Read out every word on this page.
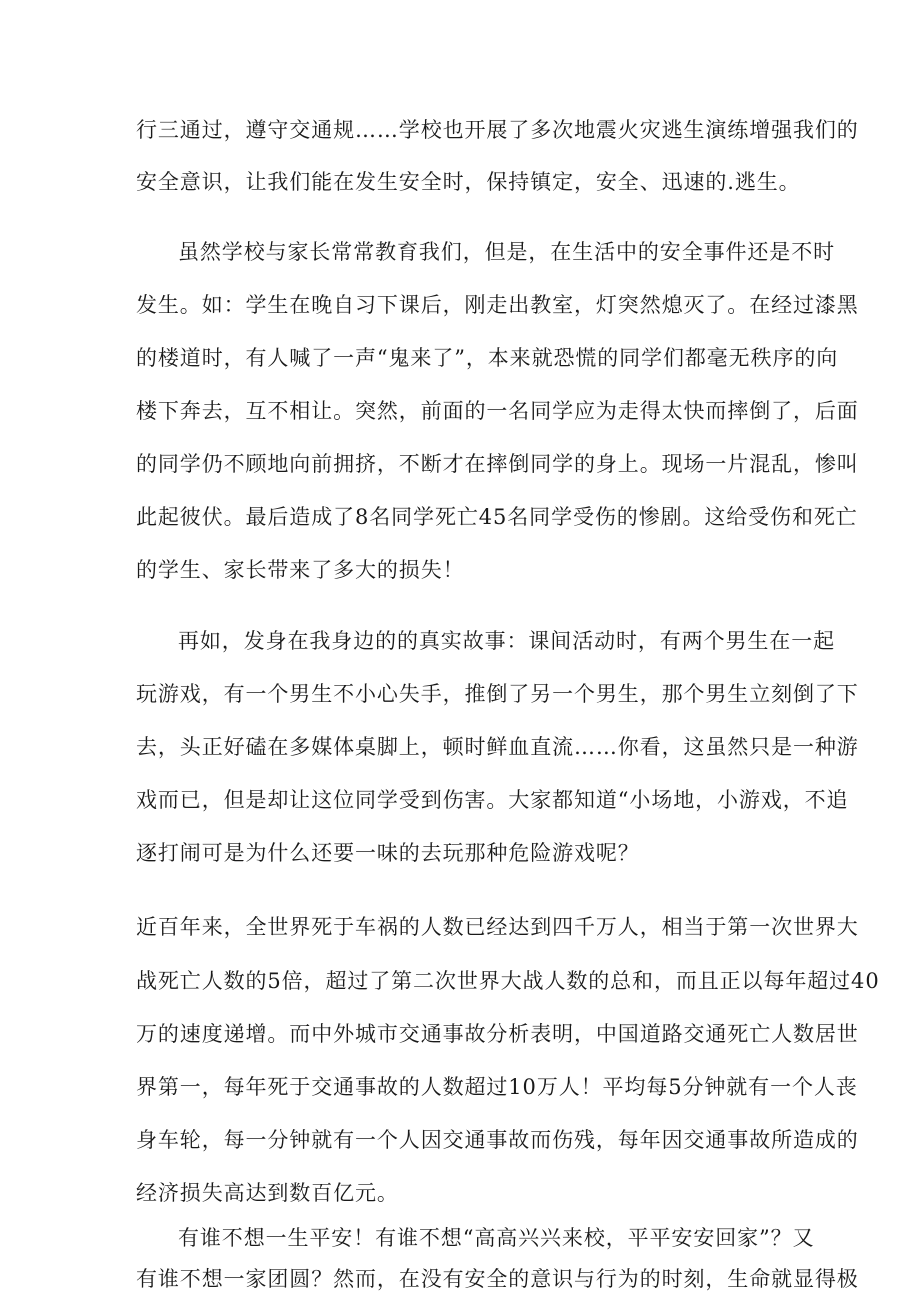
行三通过，遵守交通规……学校也开展了多次地震火灾逃生演练增强我们的
安全意识，让我们能在发生安全时，保持镇定，安全、迅速的.逃生。
虽然学校与家长常常教育我们，但是，在生活中的安全事件还是不时
发生。如：学生在晚自习下课后，刚走出教室，灯突然熄灭了。在经过漆黑
的楼道时，有人喊了一声“鬼来了”，本来就恐慌的同学们都毫无秩序的向
楼下奔去，互不相让。突然，前面的一名同学应为走得太快而摔倒了，后面
的同学仍不顾地向前拥挤，不断才在摔倒同学的身上。现场一片混乱，惨叫
此起彼伏。最后造成了8名同学死亡45名同学受伤的惨剧。这给受伤和死亡
的学生、家长带来了多大的损失！
再如，发身在我身边的的真实故事：课间活动时，有两个男生在一起
玩游戏，有一个男生不小心失手，推倒了另一个男生，那个男生立刻倒了下
去，头正好磕在多媒体桌脚上，顿时鲜血直流……你看，这虽然只是一种游
戏而已，但是却让这位同学受到伤害。大家都知道“小场地，小游戏，不追
逐打闹可是为什么还要一味的去玩那种危险游戏呢？
近百年来，全世界死于车祸的人数已经达到四千万人，相当于第一次世界大
战死亡人数的5倍，超过了第二次世界大战人数的总和，而且正以每年超过40
万的速度递增。而中外城市交通事故分析表明，中国道路交通死亡人数居世
界第一，每年死于交通事故的人数超过10万人！平均每5分钟就有一个人丧
身车轮，每一分钟就有一个人因交通事故而伤残，每年因交通事故所造成的
经济损失高达到数百亿元。
有谁不想一生平安！有谁不想“高高兴兴来校，平平安安回家”？又
有谁不想一家团圆？然而，在没有安全的意识与行为的时刻，生命就显得极
